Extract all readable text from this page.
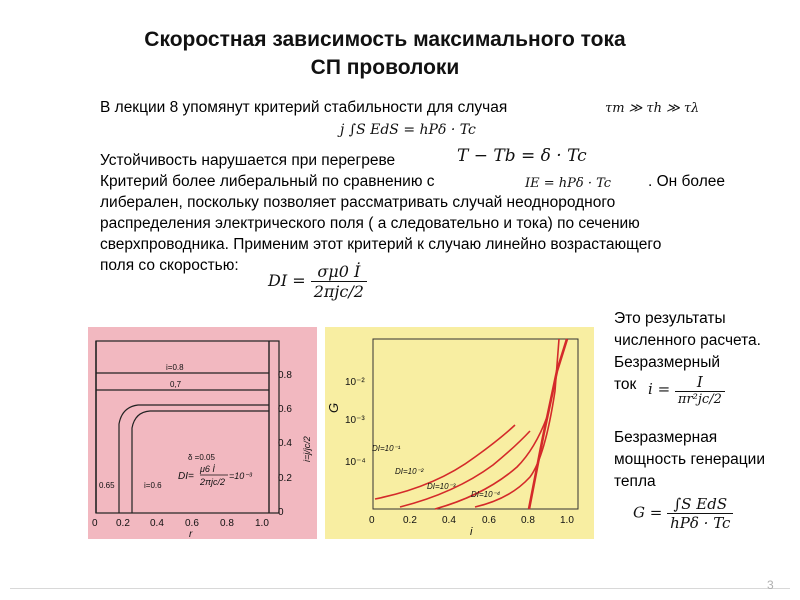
Скоростная зависимость максимального тока
СП проволоки
В лекции 8 упомянут критерий стабильности для случая	τm ≫ τh ≫ τλ
j ∫S EdS = hPδ · Tc
Устойчивость нарушается при перегреве	T − Tb = δ · Tc
Критерий более либеральный по сравнению с	IE = hPδ · Tc . Он более
либерален, поскольку позволяет рассматривать случай неоднородного
распределения электрического поля ( а следовательно и тока) по сечению
сверхпроводника. Применим этот критерий к случаю линейно возрастающего
поля со скоростью:
DI = $\frac{\sigma\mu 0 İ}{\text{2πjc/2}}$
i=0.8
0,7
0.65	i=0.6
δ =0.05
DI=
μ6 İ
2πjc/2
=10⁻³
0 0.2 0.4 0.6 0.8 1.0
r
0
0.2
0.4
0.6
0.8
i=j/jc/2	DI=10⁻¹
DI=10⁻²
DI=10⁻³
DI=10⁻⁴
0	0.2	0.4	0.6	0.8	1.0
i
10⁻²
10⁻³
10⁻⁴
G
Это результаты
численного расчета.
Безразмерный
ток $i = \frac{I}{\text{πr²jc/2}}$
Безразмерная
мощность генерации
тепла
$G = \frac{\text{∫S EdS}}{\text{hPδ · Tc}}$
3
